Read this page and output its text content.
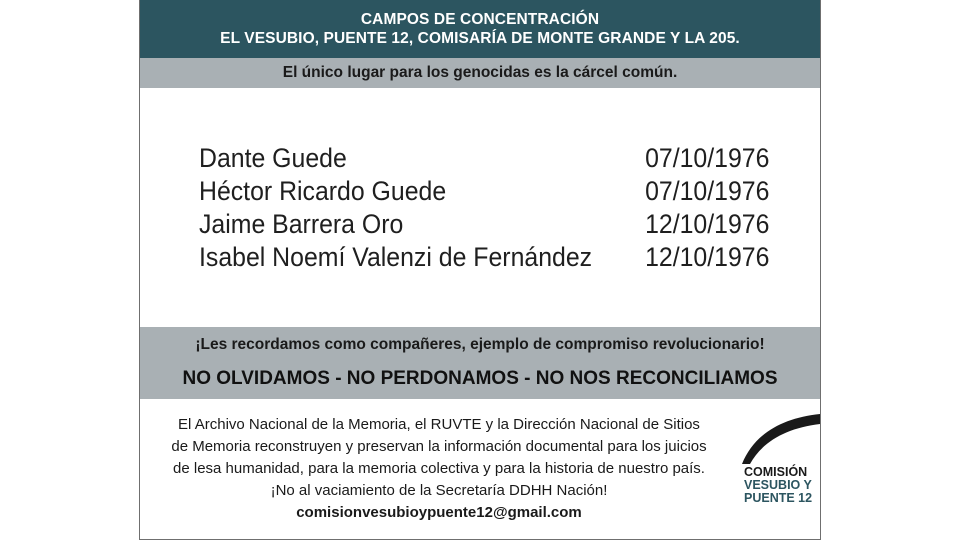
CAMPOS DE CONCENTRACIÓN
EL VESUBIO, PUENTE 12, COMISARÍA DE MONTE GRANDE Y LA 205.
El único lugar para los genocidas es la cárcel común.
Dante Guede	07/10/1976
Héctor Ricardo Guede	07/10/1976
Jaime Barrera Oro	12/10/1976
Isabel Noemí Valenzi de Fernández 12/10/1976
¡Les recordamos como compañeres, ejemplo de compromiso revolucionario!
NO OLVIDAMOS - NO PERDONAMOS - NO NOS RECONCILIAMOS

El Archivo Nacional de la Memoria, el RUVTE y la Dirección Nacional de Sitios

de Memoria reconstruyen y preservan la información documental para los juicios

de lesa humanidad, para la memoria colectiva y para la historia de nuestro país.

¡No al vaciamiento de la Secretaría DDHH Nación!

comisionvesubioypuente12@gmail.com

COMISIÓN
VESUBIO Y
PUENTE 12
